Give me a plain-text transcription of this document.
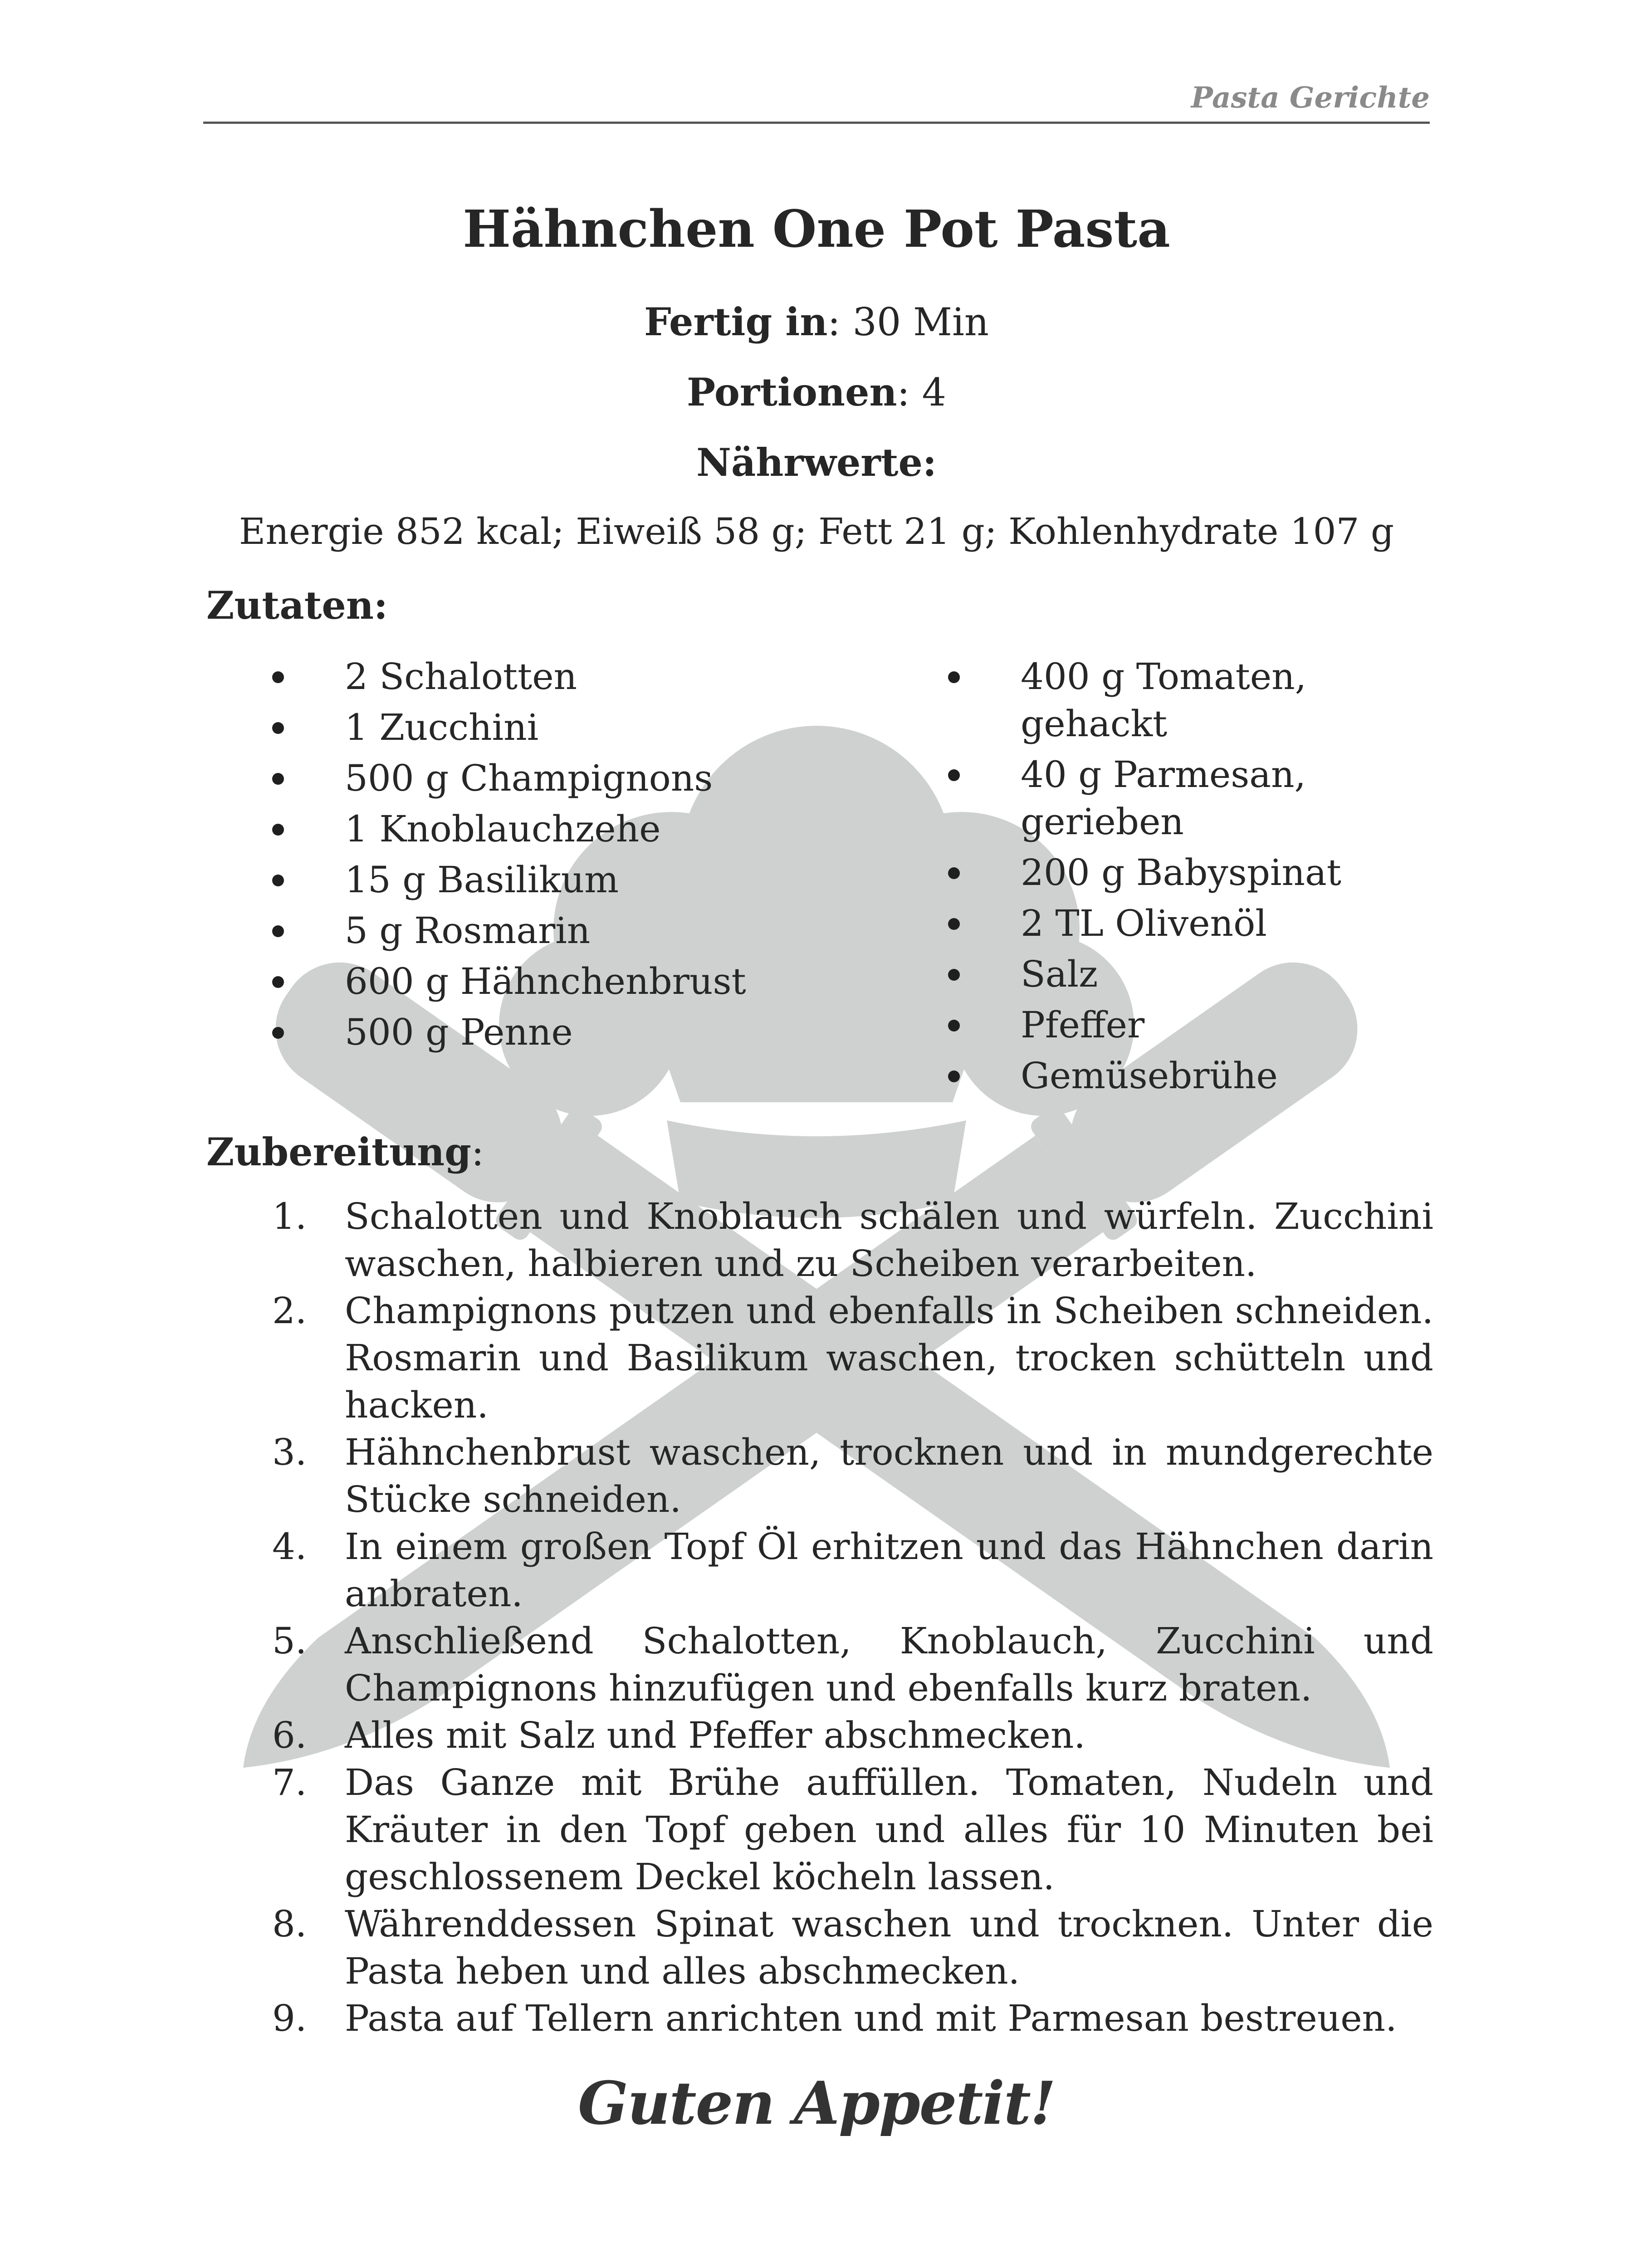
Pasta Gerichte
Hähnchen One Pot Pasta
Fertig in: 30 Min
Portionen: 4
Nährwerte:
Energie 852 kcal; Eiweiß 58 g; Fett 21 g; Kohlenhydrate 107 g
Zutaten:
2 Schalotten
1 Zucchini
500 g Champignons
1 Knoblauchzehe
15 g Basilikum
5 g Rosmarin
600 g Hähnchenbrust
500 g Penne
400 g Tomaten, gehackt
40 g Parmesan, gerieben
200 g Babyspinat
2 TL Olivenöl
Salz
Pfeffer
Gemüsebrühe
Zubereitung:
1. Schalotten und Knoblauch schälen und würfeln. Zucchini waschen, halbieren und zu Scheiben verarbeiten.
2. Champignons putzen und ebenfalls in Scheiben schneiden. Rosmarin und Basilikum waschen, trocken schütteln und hacken.
3. Hähnchenbrust waschen, trocknen und in mundgerechte Stücke schneiden.
4. In einem großen Topf Öl erhitzen und das Hähnchen darin anbraten.
5. Anschließend Schalotten, Knoblauch, Zucchini und Champignons hinzufügen und ebenfalls kurz braten.
6. Alles mit Salz und Pfeffer abschmecken.
7. Das Ganze mit Brühe auffüllen. Tomaten, Nudeln und Kräuter in den Topf geben und alles für 10 Minuten bei geschlossenem Deckel köcheln lassen.
8. Währenddessen Spinat waschen und trocknen. Unter die Pasta heben und alles abschmecken.
9. Pasta auf Tellern anrichten und mit Parmesan bestreuen.
Guten Appetit!
